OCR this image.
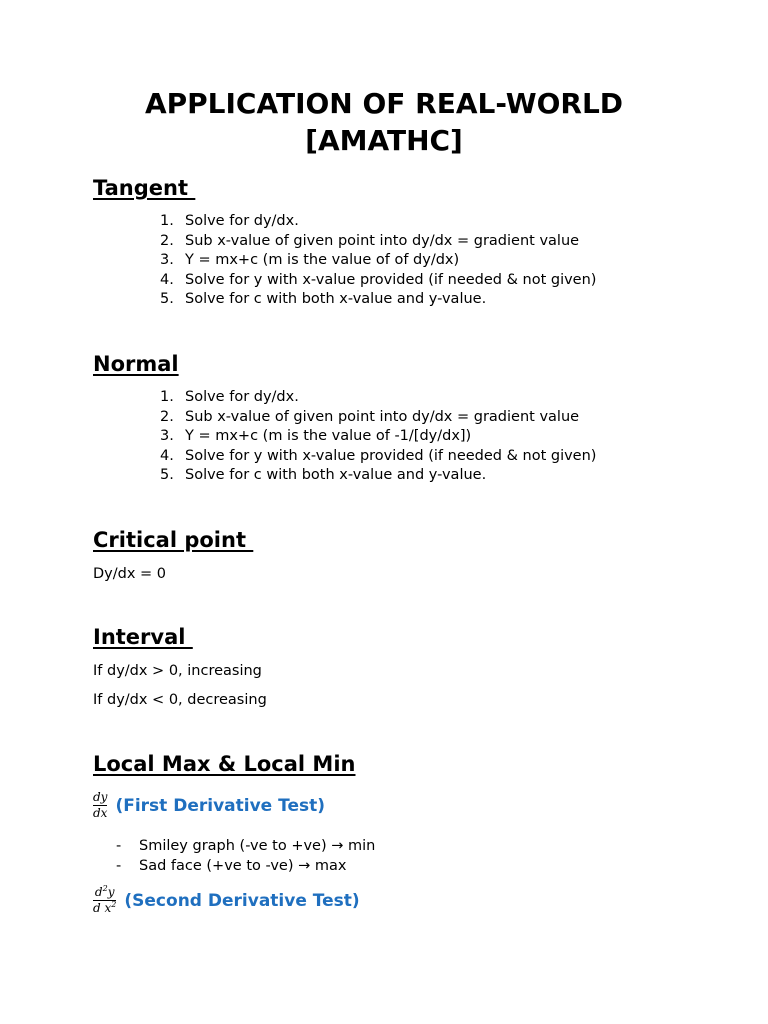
APPLICATION OF REAL-WORLD
[AMATHC]
Tangent
1. Solve for dy/dx.
2. Sub x-value of given point into dy/dx = gradient value
3. Y = mx+c (m is the value of of dy/dx)
4. Solve for y with x-value provided (if needed & not given)
5. Solve for c with both x-value and y-value.
Normal
1. Solve for dy/dx.
2. Sub x-value of given point into dy/dx = gradient value
3. Y = mx+c (m is the value of -1/[dy/dx])
4. Solve for y with x-value provided (if needed & not given)
5. Solve for c with both x-value and y-value.
Critical point

Dy/dx = 0

Interval

If dy/dx > 0, increasing

If dy/dx < 0, decreasing

Local Max & Local Min
$\frac{dy}{dx}$ (First Derivative Test)
-	Smiley graph (-ve to +ve) → min
-	Sad face (+ve to -ve) → max
$\frac{d^2y}{d x^2}$ (Second Derivative Test)
